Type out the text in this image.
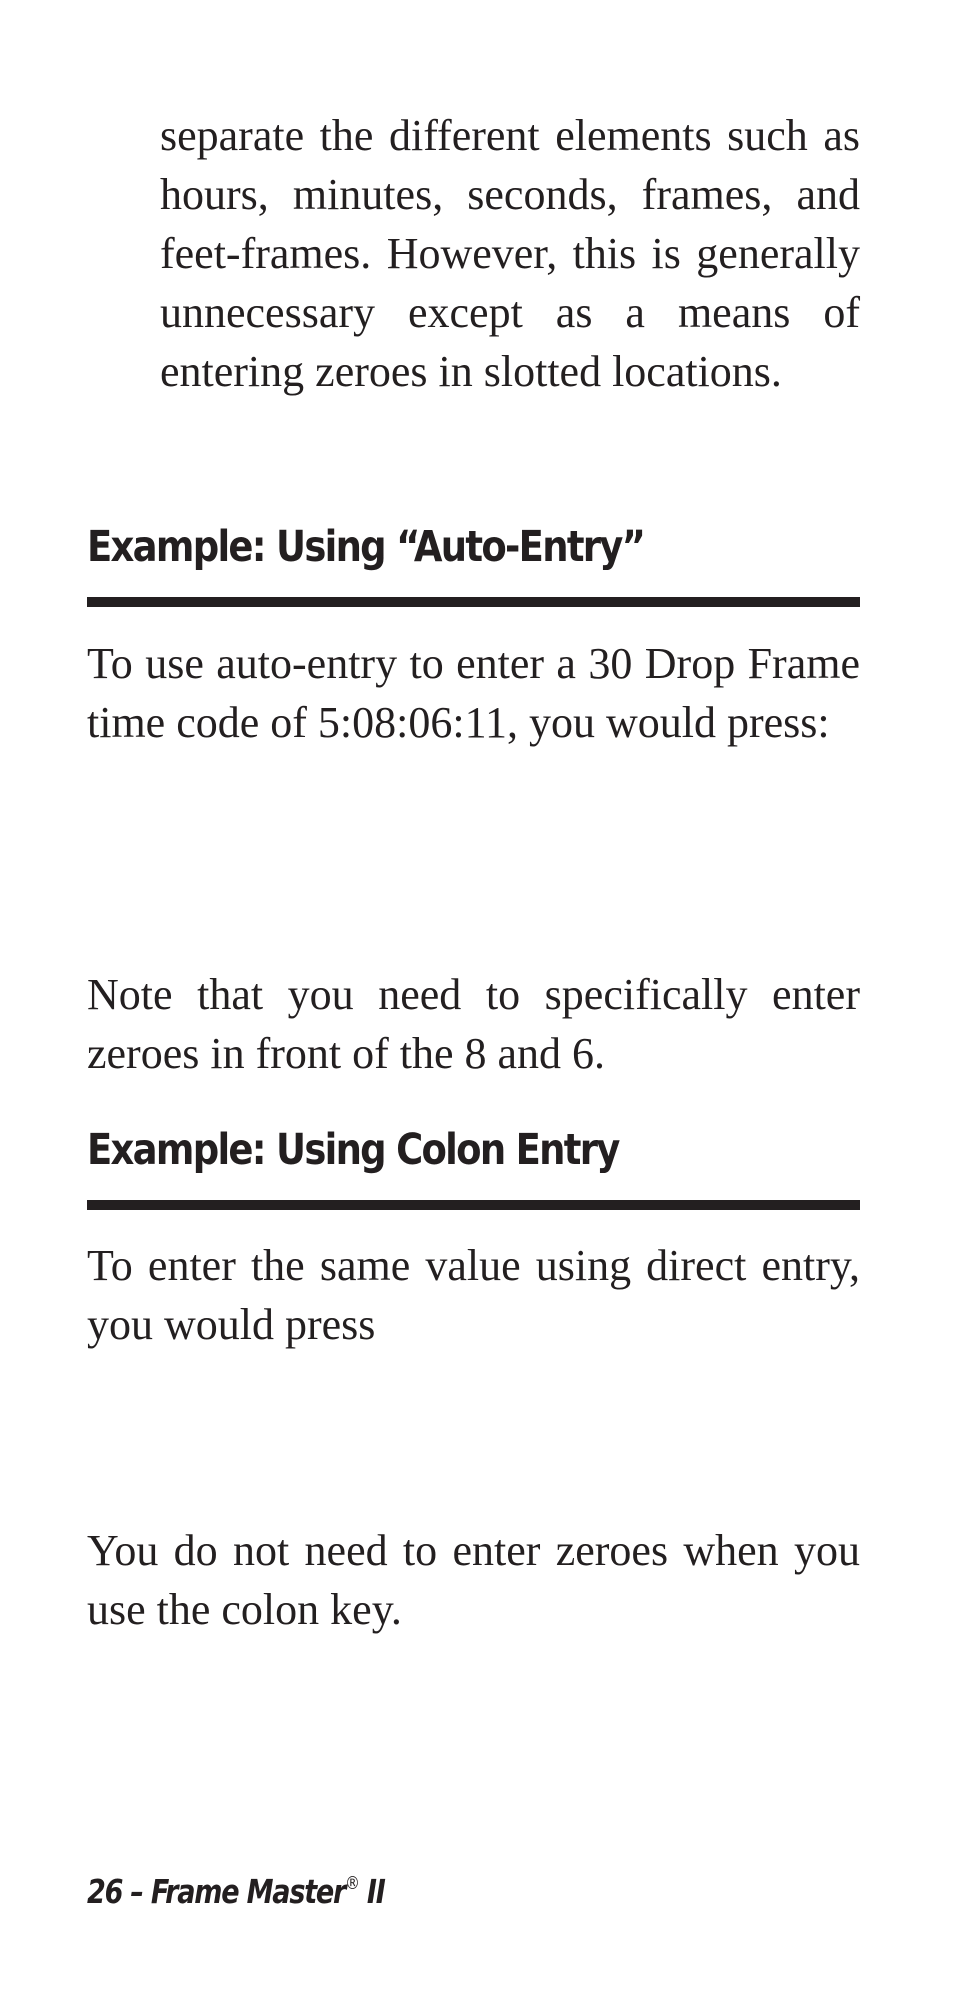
separate the different elements such as hours, minutes, seconds, frames, and feet-frames. However, this is generally unnecessary except as a means of entering zeroes in slotted locations.

Example: Using “Auto-Entry”

To use auto-entry to enter a 30 Drop Frame time code of 5:08:06:11, you would press:

Note that you need to specifically enter zeroes in front of the 8 and 6.

Example: Using Colon Entry

To enter the same value using direct entry, you would press

You do not need to enter zeroes when you use the colon key.

26 – Frame Master® II
